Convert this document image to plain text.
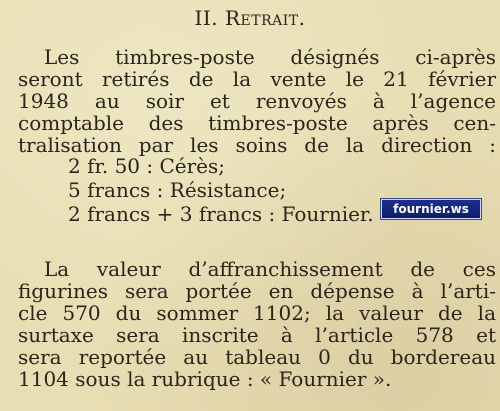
II. Retrait.
Les timbres-poste désignés ci-après
seront retirés de la vente le 21 février
1948 au soir et renvoyés à l’agence
comptable des timbres-poste après cen-
tralisation par les soins de la direction :
2 fr. 50 : Cérès;
5 francs : Résistance;
2 francs + 3 francs : Fournier.
La valeur d’affranchissement de ces
figurines sera portée en dépense à l’arti-
cle 570 du sommer 1102; la valeur de la
surtaxe sera inscrite à l’article 578 et
sera reportée au tableau 0 du bordereau
1104 sous la rubrique : « Fournier ».
fournier.ws
